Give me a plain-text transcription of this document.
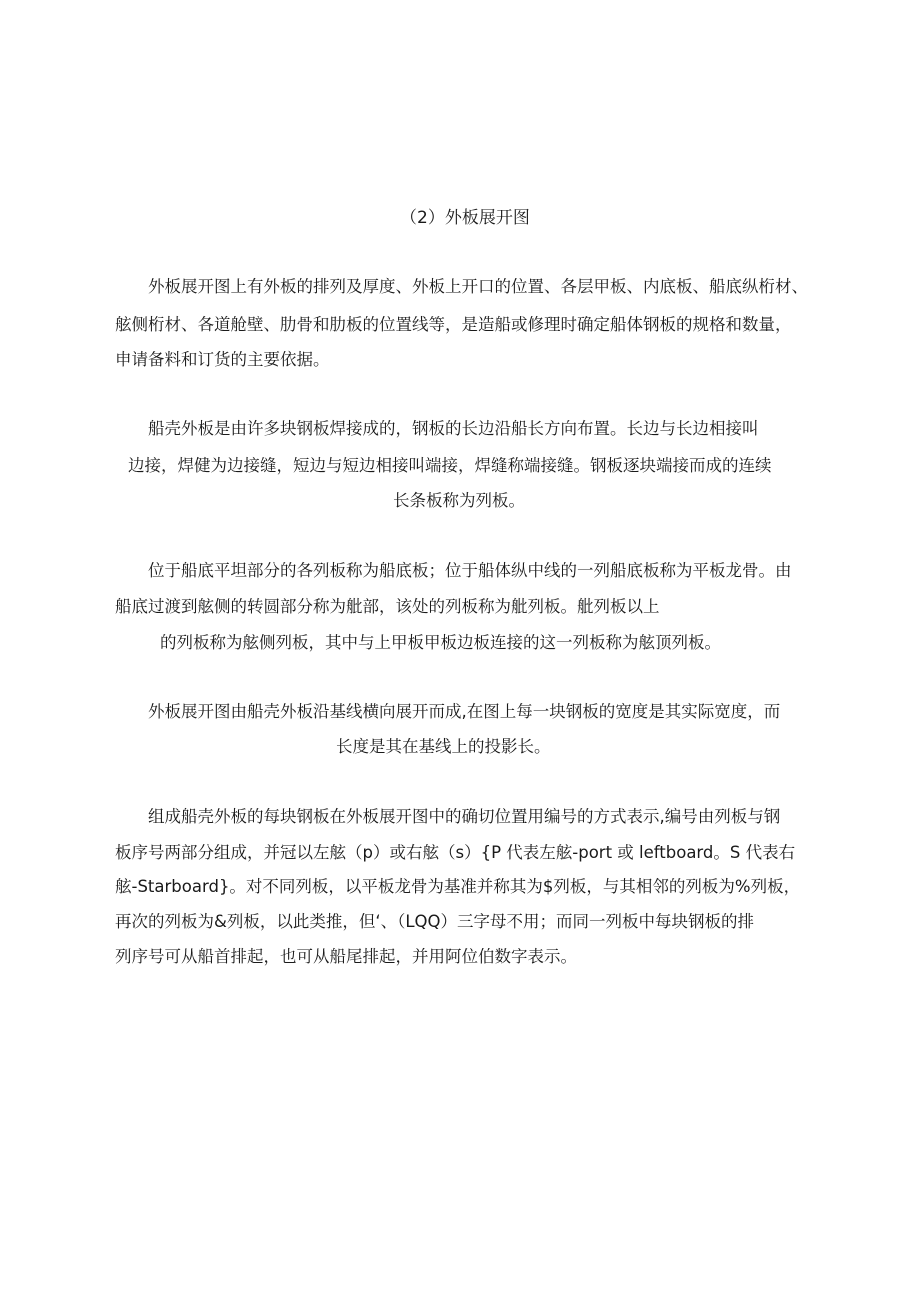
（2）外板展开图
外板展开图上有外板的排列及厚度、外板上开口的位置、各层甲板、内底板、船底纵桁材、
舷侧桁材、各道舱壁、肋骨和肋板的位置线等，是造船或修理时确定船体钢板的规格和数量，
申请备料和订货的主要依据。
船壳外板是由许多块钢板焊接成的，钢板的长边沿船长方向布置。长边与长边相接叫
边接，焊健为边接缝，短边与短边相接叫端接，焊缝称端接缝。钢板逐块端接而成的连续
长条板称为列板。
位于船底平坦部分的各列板称为船底板；位于船体纵中线的一列船底板称为平板龙骨。由
船底过渡到舷侧的转圆部分称为舭部，该处的列板称为舭列板。舭列板以上
的列板称为舷侧列板，其中与上甲板甲板边板连接的这一列板称为舷顶列板。
外板展开图由船壳外板沿基线横向展开而成,在图上每一块钢板的宽度是其实际宽度，而
长度是其在基线上的投影长。
组成船壳外板的每块钢板在外板展开图中的确切位置用编号的方式表示,编号由列板与钢
板序号两部分组成，并冠以左舷（p）或右舷（s）{P 代表左舷-port 或 leftboard。S 代表右
舷-Starboard}。对不同列板，以平板龙骨为基准并称其为$列板，与其相邻的列板为%列板，
再次的列板为&列板，以此类推，但‘、（LQQ）三字母不用；而同一列板中每块钢板的排
列序号可从船首排起，也可从船尾排起，并用阿位伯数字表示。
